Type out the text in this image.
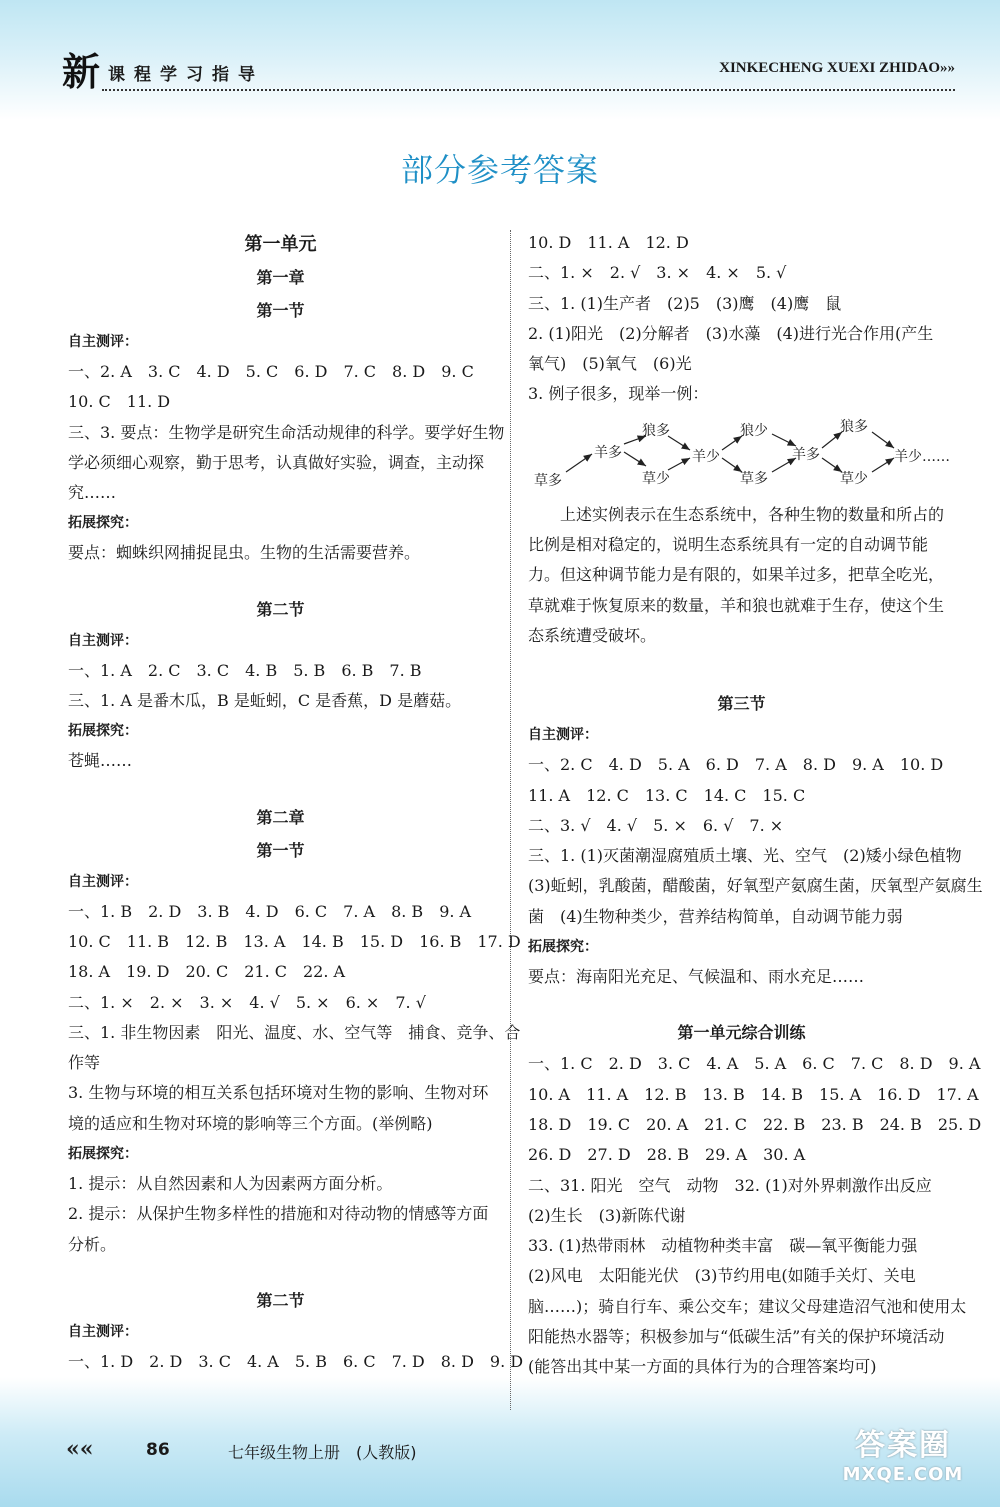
新 课程学习指导	XINKECHENG XUEXI ZHIDAO»»
部分参考答案
第一单元
第一章
第一节
自主测评：
一、2. A　3. C　4. D　5. C　6. D　7. C　8. D　9. C
10. C　11. D
三、3. 要点：生物学是研究生命活动规律的科学。要学好生物
学必须细心观察，勤于思考，认真做好实验，调查，主动探
究……
拓展探究：
要点：蜘蛛织网捕捉昆虫。生物的生活需要营养。
第二节
自主测评：
一、1. A　2. C　3. C　4. B　5. B　6. B　7. B
三、1. A 是番木瓜，B 是蚯蚓，C 是香蕉，D 是蘑菇。
拓展探究：
苍蝇……
第二章
第一节
自主测评：
一、1. B　2. D　3. B　4. D　6. C　7. A　8. B　9. A
10. C　11. B　12. B　13. A　14. B　15. D　16. B　17. D
18. A　19. D　20. C　21. C　22. A
二、1. ×　2. ×　3. ×　4. √　5. ×　6. ×　7. √
三、1. 非生物因素　阳光、温度、水、空气等　捕食、竞争、合
作等
3. 生物与环境的相互关系包括环境对生物的影响、生物对环
境的适应和生物对环境的影响等三个方面。(举例略)
拓展探究：
1. 提示：从自然因素和人为因素两方面分析。
2. 提示：从保护生物多样性的措施和对待动物的情感等方面
分析。
第二节
自主测评：
一、1. D　2. D　3. C　4. A　5. B　6. C　7. D　8. D　9. D
10. D　11. A　12. D
二、1. ×　2. √　3. ×　4. ×　5. √
三、1. (1)生产者　(2)5　(3)鹰　(4)鹰　鼠
2. (1)阳光　(2)分解者　(3)水藻　(4)进行光合作用(产生
氧气)　(5)氧气　(6)光
3. 例子很多，现举一例：
草多
羊多
狼多
草少
羊少
狼少
草多
羊多
狼多
草少
羊少……
上述实例表示在生态系统中，各种生物的数量和所占的比例是相对稳定的，说明生态系统具有一定的自动调节能力。但这种调节能力是有限的，如果羊过多，把草全吃光，草就难于恢复原来的数量，羊和狼也就难于生存，使这个生态系统遭受破坏。
第三节
自主测评：
一、2. C　4. D　5. A　6. D　7. A　8. D　9. A　10. D
11. A　12. C　13. C　14. C　15. C
二、3. √　4. √　5. ×　6. √　7. ×
三、1. (1)灭菌潮湿腐殖质土壤、光、空气　(2)矮小绿色植物
(3)蚯蚓，乳酸菌，醋酸菌，好氧型产氨腐生菌，厌氧型产氨腐生
菌　(4)生物种类少，营养结构简单，自动调节能力弱
拓展探究：
要点：海南阳光充足、气候温和、雨水充足……
第一单元综合训练
一、1. C　2. D　3. C　4. A　5. A　6. C　7. C　8. D　9. A
10. A　11. A　12. B　13. B　14. B　15. A　16. D　17. A
18. D　19. C　20. A　21. C　22. B　23. B　24. B　25. D
26. D　27. D　28. B　29. A　30. A
二、31. 阳光　空气　动物　32. (1)对外界刺激作出反应
(2)生长　(3)新陈代谢
33. (1)热带雨林　动植物种类丰富　碳—氧平衡能力强
(2)风电　太阳能光伏　(3)节约用电(如随手关灯、关电
脑……)；骑自行车、乘公交车；建议父母建造沼气池和使用太
阳能热水器等；积极参加与“低碳生活”有关的保护环境活动
(能答出其中某一方面的具体行为的合理答案均可)
««	86	七年级生物上册　(人教版)	答案圈
MXQE.COM
